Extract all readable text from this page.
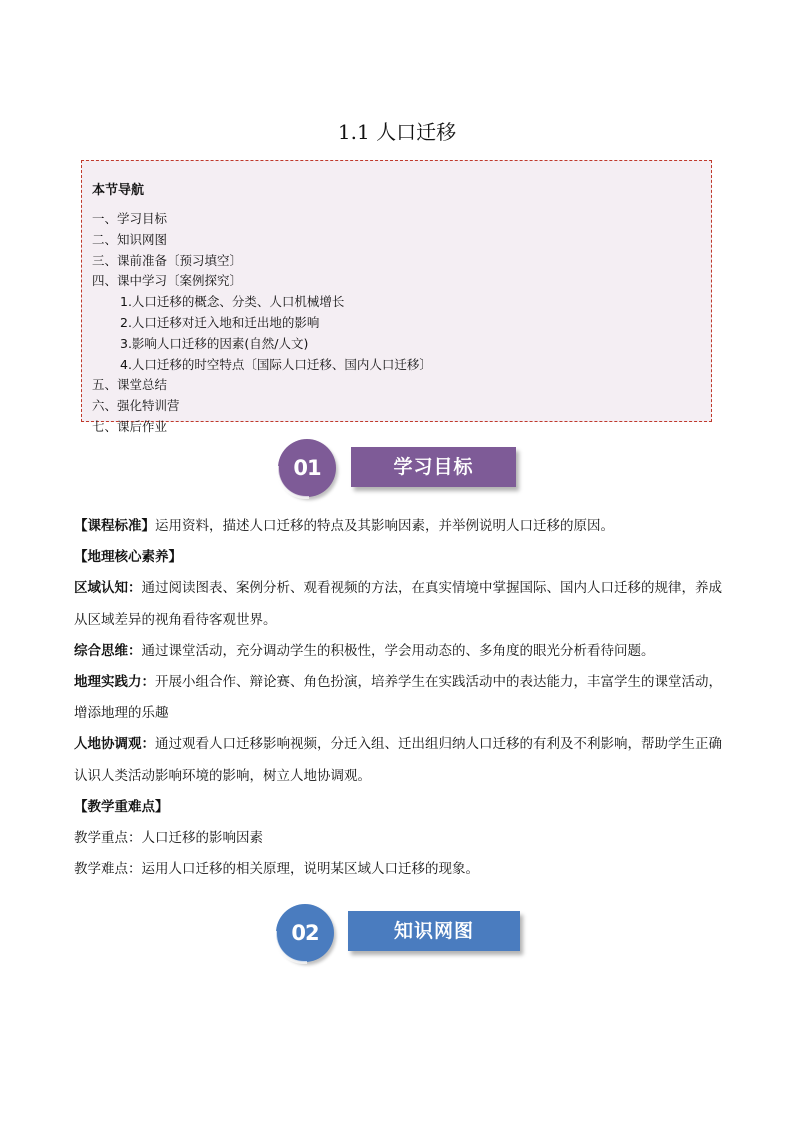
1.1 人口迁移
本节导航
一、学习目标
二、知识网图
三、课前准备〔预习填空〕
四、课中学习〔案例探究〕
1.人口迁移的概念、分类、人口机械增长
2.人口迁移对迁入地和迁出地的影响
3.影响人口迁移的因素(自然/人文)
4.人口迁移的时空特点〔国际人口迁移、国内人口迁移〕
五、课堂总结
六、强化特训营
七、课后作业
01	学习目标

【课程标准】运用资料，描述人口迁移的特点及其影响因素，并举例说明人口迁移的原因。

【地理核心素养】

区域认知：通过阅读图表、案例分析、观看视频的方法，在真实情境中掌握国际、国内人口迁移的规律，养成从区域差异的视角看待客观世界。

综合思维：通过课堂活动，充分调动学生的积极性，学会用动态的、多角度的眼光分析看待问题。

地理实践力：开展小组合作、辩论赛、角色扮演，培养学生在实践活动中的表达能力，丰富学生的课堂活动，增添地理的乐趣

人地协调观：通过观看人口迁移影响视频，分迁入组、迁出组归纳人口迁移的有利及不利影响，帮助学生正确认识人类活动影响环境的影响，树立人地协调观。

【教学重难点】

教学重点：人口迁移的影响因素

教学难点：运用人口迁移的相关原理，说明某区域人口迁移的现象。

02	知识网图
